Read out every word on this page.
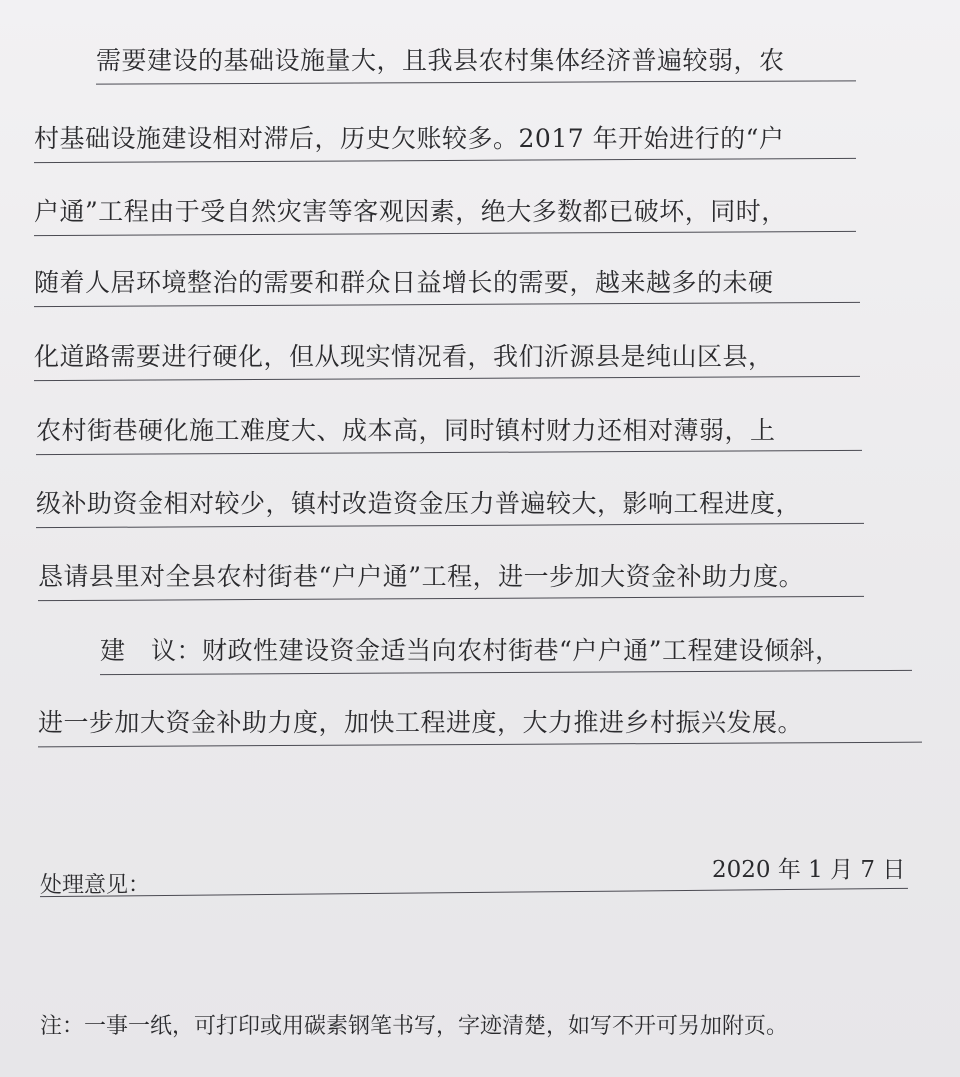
需要建设的基础设施量大，且我县农村集体经济普遍较弱，农
村基础设施建设相对滞后，历史欠账较多。2017 年开始进行的“户
户通”工程由于受自然灾害等客观因素，绝大多数都已破坏，同时，
随着人居环境整治的需要和群众日益增长的需要，越来越多的未硬
化道路需要进行硬化，但从现实情况看，我们沂源县是纯山区县，
农村街巷硬化施工难度大、成本高，同时镇村财力还相对薄弱，上
级补助资金相对较少，镇村改造资金压力普遍较大，影响工程进度，
恳请县里对全县农村街巷“户户通”工程，进一步加大资金补助力度。
建　议：财政性建设资金适当向农村街巷“户户通”工程建设倾斜，
进一步加大资金补助力度，加快工程进度，大力推进乡村振兴发展。
处理意见：
2020 年 1 月 7 日
注：一事一纸，可打印或用碳素钢笔书写，字迹清楚，如写不开可另加附页。
